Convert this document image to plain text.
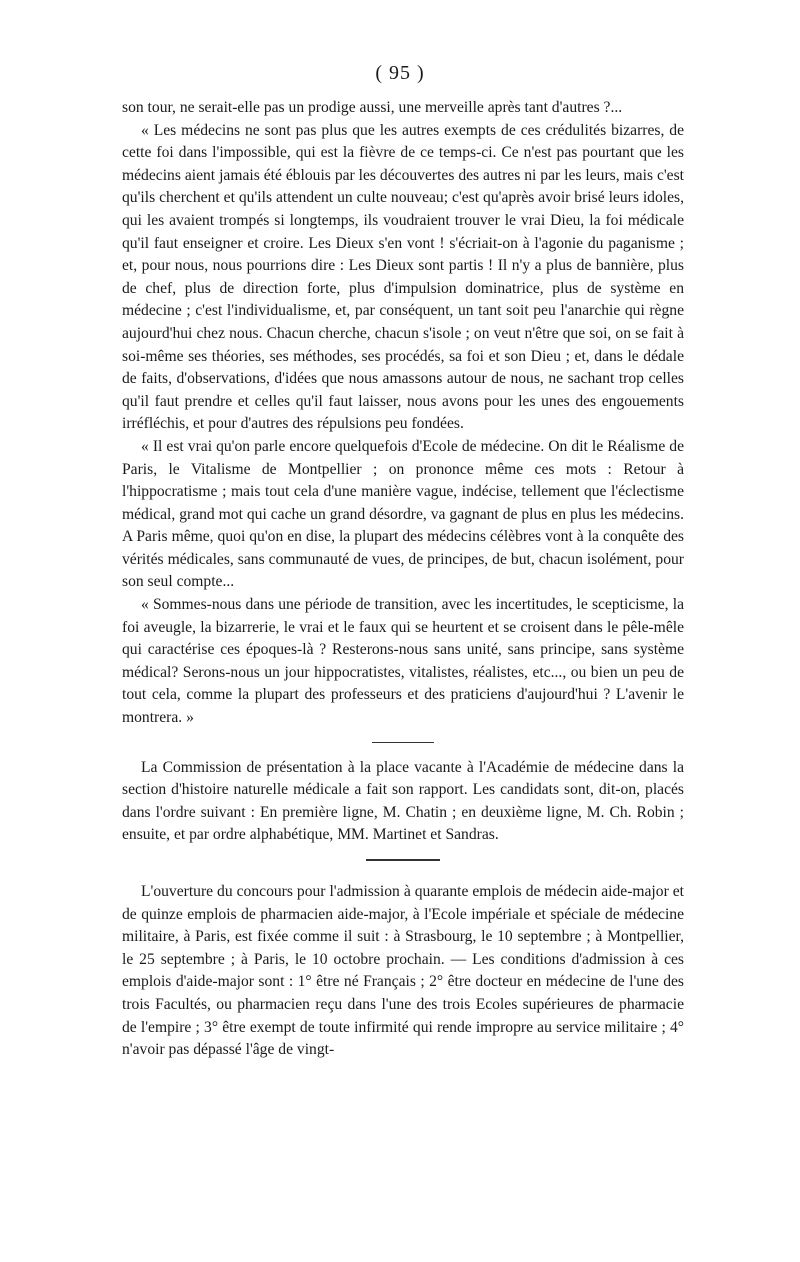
( 95 )

son tour, ne serait-elle pas un prodige aussi, une merveille après tant d'autres ?...

« Les médecins ne sont pas plus que les autres exempts de ces crédulités bizarres, de cette foi dans l'impossible, qui est la fièvre de ce temps-ci. Ce n'est pas pourtant que les médecins aient jamais été éblouis par les découvertes des autres ni par les leurs, mais c'est qu'ils cherchent et qu'ils attendent un culte nouveau; c'est qu'après avoir brisé leurs idoles, qui les avaient trompés si longtemps, ils voudraient trouver le vrai Dieu, la foi médicale qu'il faut enseigner et croire. Les Dieux s'en vont ! s'écriait-on à l'agonie du paganisme ; et, pour nous, nous pourrions dire : Les Dieux sont partis ! Il n'y a plus de bannière, plus de chef, plus de direction forte, plus d'impulsion dominatrice, plus de système en médecine ; c'est l'individualisme, et, par conséquent, un tant soit peu l'anarchie qui règne aujourd'hui chez nous. Chacun cherche, chacun s'isole ; on veut n'être que soi, on se fait à soi-même ses théories, ses méthodes, ses procédés, sa foi et son Dieu ; et, dans le dédale de faits, d'observations, d'idées que nous amassons autour de nous, ne sachant trop celles qu'il faut prendre et celles qu'il faut laisser, nous avons pour les unes des engouements irréfléchis, et pour d'autres des répulsions peu fondées.

« Il est vrai qu'on parle encore quelquefois d'Ecole de médecine. On dit le Réalisme de Paris, le Vitalisme de Montpellier ; on prononce même ces mots : Retour à l'hippocratisme ; mais tout cela d'une manière vague, indécise, tellement que l'éclectisme médical, grand mot qui cache un grand désordre, va gagnant de plus en plus les médecins. A Paris même, quoi qu'on en dise, la plupart des médecins célèbres vont à la conquête des vérités médicales, sans communauté de vues, de principes, de but, chacun isolément, pour son seul compte...

« Sommes-nous dans une période de transition, avec les incertitudes, le scepticisme, la foi aveugle, la bizarrerie, le vrai et le faux qui se heurtent et se croisent dans le pêle-mêle qui caractérise ces époques-là ? Resterons-nous sans unité, sans principe, sans système médical? Serons-nous un jour hippocratistes, vitalistes, réalistes, etc..., ou bien un peu de tout cela, comme la plupart des professeurs et des praticiens d'aujourd'hui ? L'avenir le montrera. »

La Commission de présentation à la place vacante à l'Académie de médecine dans la section d'histoire naturelle médicale a fait son rapport. Les candidats sont, dit-on, placés dans l'ordre suivant : En première ligne, M. Chatin ; en deuxième ligne, M. Ch. Robin ; ensuite, et par ordre alphabétique, MM. Martinet et Sandras.

L'ouverture du concours pour l'admission à quarante emplois de médecin aide-major et de quinze emplois de pharmacien aide-major, à l'Ecole impériale et spéciale de médecine militaire, à Paris, est fixée comme il suit : à Strasbourg, le 10 septembre ; à Montpellier, le 25 septembre ; à Paris, le 10 octobre prochain. — Les conditions d'admission à ces emplois d'aide-major sont : 1° être né Français ; 2° être docteur en médecine de l'une des trois Facultés, ou pharmacien reçu dans l'une des trois Ecoles supérieures de pharmacie de l'empire ; 3° être exempt de toute infirmité qui rende impropre au service militaire ; 4° n'avoir pas dépassé l'âge de vingt-
